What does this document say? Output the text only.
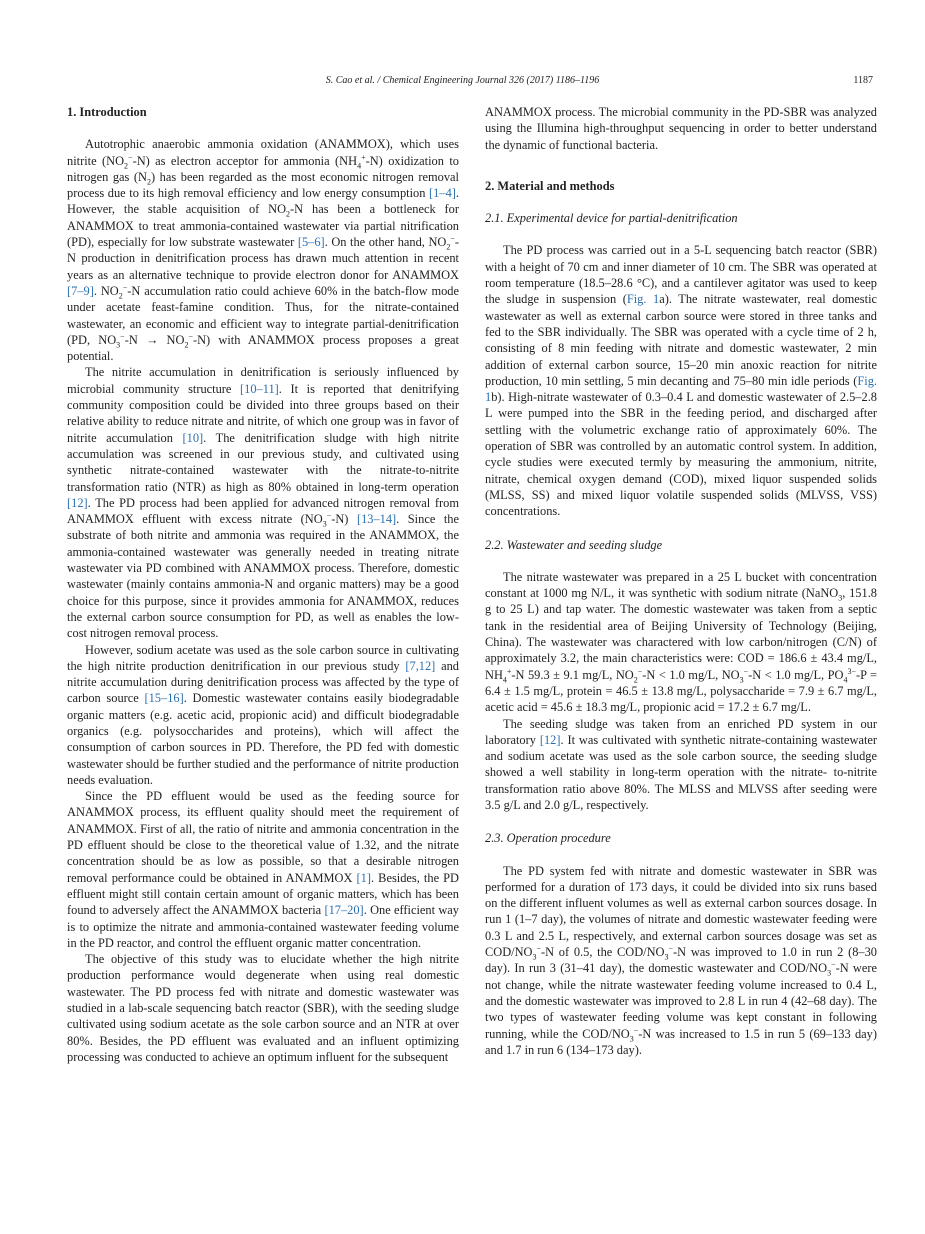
S. Cao et al. / Chemical Engineering Journal 326 (2017) 1186–1196	1187
1. Introduction

Autotrophic anaerobic ammonia oxidation (ANAMMOX), which uses nitrite $(NO_2^--N)$ as electron acceptor for ammonia $(NH_4^+-N)$ oxidization to nitrogen gas $(N_2)$ has been regarded as the most economic nitrogen removal process due to its high removal efficiency and low energy consumption [1–4]. However, the stable acquisition of $NO_2-N$ has been a bottleneck for ANAMMOX to treat ammonia-contained wastewater via partial nitrification (PD), especially for low substrate wastewater [5–6]. On the other hand, $NO_2^--N$ production in denitrification process has drawn much attention in recent years as an alternative technique to provide electron donor for ANAMMOX [7–9]. $NO_2^--N$ accumulation ratio could achieve 60% in the batch-flow mode under acetate feast-famine condition. Thus, for the nitrate-contained wastewater, an economic and efficient way to integrate partial-denitrification (PD, $NO_3^--N \to NO_2^--N$) with ANAMMOX process proposes a great potential.

The nitrite accumulation in denitrification is seriously influenced by microbial community structure [10–11]. It is reported that denitrifying community composition could be divided into three groups based on their relative ability to reduce nitrate and nitrite, of which one group was in favor of nitrite accumulation [10]. The denitrification sludge with high nitrite accumulation was screened in our previous study, and cultivated using synthetic nitrate-contained wastewater with the nitrate-to-nitrite transformation ratio (NTR) as high as 80% obtained in long-term operation [12]. The PD process had been applied for advanced nitrogen removal from ANAMMOX effluent with excess nitrate $(NO_3^--N)$ [13–14]. Since the substrate of both nitrite and ammonia was required in the ANAMMOX, the ammonia-contained wastewater was generally needed in treating nitrate wastewater via PD combined with ANAMMOX process. Therefore, domestic wastewater (mainly contains ammonia-N and organic matters) may be a good choice for this purpose, since it provides ammonia for ANAMMOX, reduces the external carbon source consumption for PD, as well as enables the low-cost nitrogen removal process.

However, sodium acetate was used as the sole carbon source in cultivating the high nitrite production denitrification in our previous study [7,12] and nitrite accumulation during denitrification process was affected by the type of carbon source [15–16]. Domestic wastewater contains easily biodegradable organic matters (e.g. acetic acid, propionic acid) and difficult biodegradable organics (e.g. polysoccharides and proteins), which will affect the consumption of carbon sources in PD. Therefore, the PD fed with domestic wastewater should be further studied and the performance of nitrite production needs evaluation.

Since the PD effluent would be used as the feeding source for ANAMMOX process, its effluent quality should meet the requirement of ANAMMOX. First of all, the ratio of nitrite and ammonia concentration in the PD effluent should be close to the theoretical value of 1.32, and the nitrate concentration should be as low as possible, so that a desirable nitrogen removal performance could be obtained in ANAMMOX [1]. Besides, the PD effluent might still contain certain amount of organic matters, which has been found to adversely affect the ANAMMOX bacteria [17–20]. One efficient way is to optimize the nitrate and ammonia-contained wastewater feeding volume in the PD reactor, and control the effluent organic matter concentration.

The objective of this study was to elucidate whether the high nitrite production performance would degenerate when using real domestic wastewater. The PD process fed with nitrate and domestic wastewater was studied in a lab-scale sequencing batch reactor (SBR), with the seeding sludge cultivated using sodium acetate as the sole carbon source and an NTR at over 80%. Besides, the PD effluent was evaluated and an influent optimizing processing was conducted to achieve an optimum influent for the subsequent

ANAMMOX process. The microbial community in the PD-SBR was analyzed using the Illumina high-throughput sequencing in order to better understand the dynamic of functional bacteria.

2. Material and methods
2.1. Experimental device for partial-denitrification

The PD process was carried out in a 5-L sequencing batch reactor (SBR) with a height of 70 cm and inner diameter of 10 cm. The SBR was operated at room temperature (18.5–28.6 °C), and a cantilever agitator was used to keep the sludge in suspension (Fig. 1a). The nitrate wastewater, real domestic wastewater as well as external carbon source were stored in three tanks and fed to the SBR individually. The SBR was operated with a cycle time of 2 h, consisting of 8 min feeding with nitrate and domestic wastewater, 2 min addition of external carbon source, 15–20 min anoxic reaction for nitrite production, 10 min settling, 5 min decanting and 75–80 min idle periods (Fig. 1b). High-nitrate wastewater of 0.3–0.4 L and domestic wastewater of 2.5–2.8 L were pumped into the SBR in the feeding period, and discharged after settling with the volumetric exchange ratio of approximately 60%. The operation of SBR was controlled by an automatic control system. In addition, cycle studies were executed termly by measuring the ammonium, nitrite, nitrate, chemical oxygen demand (COD), mixed liquor suspended solids (MLSS, SS) and mixed liquor volatile suspended solids (MLVSS, VSS) concentrations.

2.2. Wastewater and seeding sludge

The nitrate wastewater was prepared in a 25 L bucket with concentration constant at 1000 mg N/L, it was synthetic with sodium nitrate (NaNO$_3$, 151.8 g to 25 L) and tap water. The domestic wastewater was taken from a septic tank in the residential area of Beijing University of Technology (Beijing, China). The wastewater was charactered with low carbon/nitrogen (C/N) of approximately 3.2, the main characteristics were: COD = 186.6 ± 43.4 mg/L, $NH_4^+-N$ 59.3 ± 9.1 mg/L, $NO_2^--N < 1.0$ mg/L, $NO_3^--N < 1.0$ mg/L, $PO_4^{3-}-P = 6.4 \pm 1.5$ mg/L, protein = 46.5 ± 13.8 mg/L, polysaccharide = 7.9 ± 6.7 mg/L, acetic acid = 45.6 ± 18.3 mg/L, propionic acid = 17.2 ± 6.7 mg/L.

The seeding sludge was taken from an enriched PD system in our laboratory [12]. It was cultivated with synthetic nitrate-containing wastewater and sodium acetate was used as the sole carbon source, the seeding sludge showed a well stability in long-term operation with the nitrate- to-nitrite transformation ratio above 80%. The MLSS and MLVSS after seeding were 3.5 g/L and 2.0 g/L, respectively.

2.3. Operation procedure

The PD system fed with nitrate and domestic wastewater in SBR was performed for a duration of 173 days, it could be divided into six runs based on the different influent volumes as well as external carbon sources dosage. In run 1 (1–7 day), the volumes of nitrate and domestic wastewater feeding were 0.3 L and 2.5 L, respectively, and external carbon sources dosage was set as COD/$NO_3^--N$ of 0.5, the COD/$NO_3^--N$ was improved to 1.0 in run 2 (8–30 day). In run 3 (31–41 day), the domestic wastewater and COD/$NO_3^--N$ were not change, while the nitrate wastewater feeding volume increased to 0.4 L, and the domestic wastewater was improved to 2.8 L in run 4 (42–68 day). The two types of wastewater feeding volume was kept constant in following running, while the COD/$NO_3^--N$ was increased to 1.5 in run 5 (69–133 day) and 1.7 in run 6 (134–173 day).
